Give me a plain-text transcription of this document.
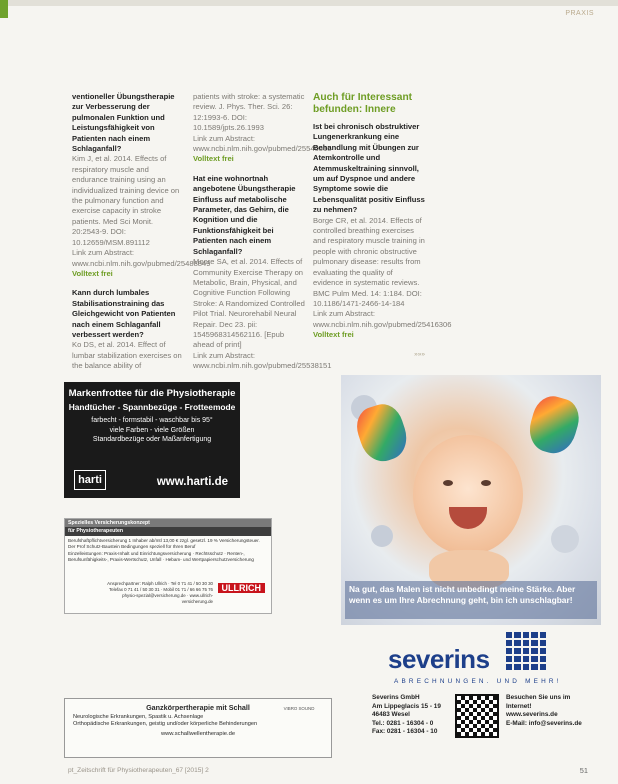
PRAXIS

ventioneller Übungstherapie zur Verbesserung der pulmonalen Funktion und Leistungsfähigkeit von Patienten nach einem Schlaganfall?
Kim J, et al. 2014. Effects of respiratory muscle and endurance training using an individualized training device on the pulmonary function and exercise capacity in stroke patients. Med Sci Monit. 20:2543-9. DOI: 10.12659/MSM.891112
Link zum Abstract: www.ncbi.nlm.nih.gov/pubmed/25488849 Volltext frei

Kann durch lumbales Stabilisationstraining das Gleichgewicht von Patienten nach einem Schlaganfall verbessert werden?
Ko DS, et al. 2014. Effect of lumbar stabilization exercises on the balance ability of

patients with stroke: a systematic review. J. Phys. Ther. Sci. 26: 12:1993-6. DOI: 10.1589/jpts.26.1993
Link zum Abstract: www.ncbi.nlm.nih.gov/pubmed/25540515 Volltext frei

Hat eine wohnortnah angebotene Übungstherapie Einfluss auf metabolische Parameter, das Gehirn, die Kognition und die Funktionsfähigkeit bei Patienten nach einem Schlaganfall?
Moore SA, et al. 2014. Effects of Community Exercise Therapy on Metabolic, Brain, Physical, and Cognitive Function Following Stroke: A Randomized Controlled Pilot Trial. Neurorehabil Neural Repair. Dec 23. pii: 1545968314562116. [Epub ahead of print]
Link zum Abstract: www.ncbi.nlm.nih.gov/pubmed/25538151

Auch für Interessant befunden: Innere

Ist bei chronisch obstruktiver Lungenerkrankung eine Behandlung mit Übungen zur Atemkontrolle und Atemmuskeltraining sinnvoll, um auf Dyspnoe und andere Symptome sowie die Lebensqualität positiv Einfluss zu nehmen?
Borge CR, et al. 2014. Effects of controlled breathing exercises and respiratory muscle training in people with chronic obstructive pulmonary disease: results from evaluating the quality of evidence in systematic reviews. BMC Pulm Med. 14: 1:184. DOI: 10.1186/1471-2466-14-184
Link zum Abstract: www.ncbi.nlm.nih.gov/pubmed/25416306 Volltext frei

»»»
Markenfrottee für die Physiotherapie
Handtücher - Spannbezüge - Frotteemode
farbecht - formstabil - waschbar bis 95°
viele Farben - viele Größen
Standardbezüge oder Maßanfertigung
harti	www.harti.de
Spezielles Versicherungskonzept
für Physiotherapeuten
Berufshaftpflichtversicherung 1 Inhaber ab/mtl 13,00 € zzgl. gesetzl. 19 % Versicherungsteuer. Der Prof Schutz-Baustein Bedingungen speziell für Ihren Beruf
Einzelleistungen: Praxis-Inhalt und Einrichtungsversicherung · Rechtsschutz · Renten-, Berufsunfähigkeits-, Praxis-Wertschutz, Unfall · Hebam- und Wertpapierschutzversicherung
Ansprechpartner: Ralph Ullrich · Tel 0 71 41 / 50 30 30
Telefax 0 71 41 / 50 30 31 · Mobil 01 71 / 66 66 75 76
physio-spezial@versicherung.de · www.ullrich-versicherung.de
ULLRICH
Ganzkörpertherapie mit Schall	VIBRO SOUND
Neurologische Erkrankungen, Spastik u. Achsenlage
Orthopädische Erkrankungen, geistig und/oder körperliche Behinderungen
www.schallwellentherapie.de
Na gut, das Malen ist nicht unbedingt meine Stärke. Aber wenn es um Ihre Abrechnung geht, bin ich unschlagbar!
severins
ABRECHNUNGEN. UND MEHR!
Severins GmbH
Am Lippeglacis 15 - 19
46483 Wesel
Tel.: 0281 - 16304 - 0
Fax: 0281 - 16304 - 10
Besuchen Sie uns im
Internet!
www.severins.de
E-Mail: info@severins.de
pt_Zeitschrift für Physiotherapeuten_67 [2015] 2	51
